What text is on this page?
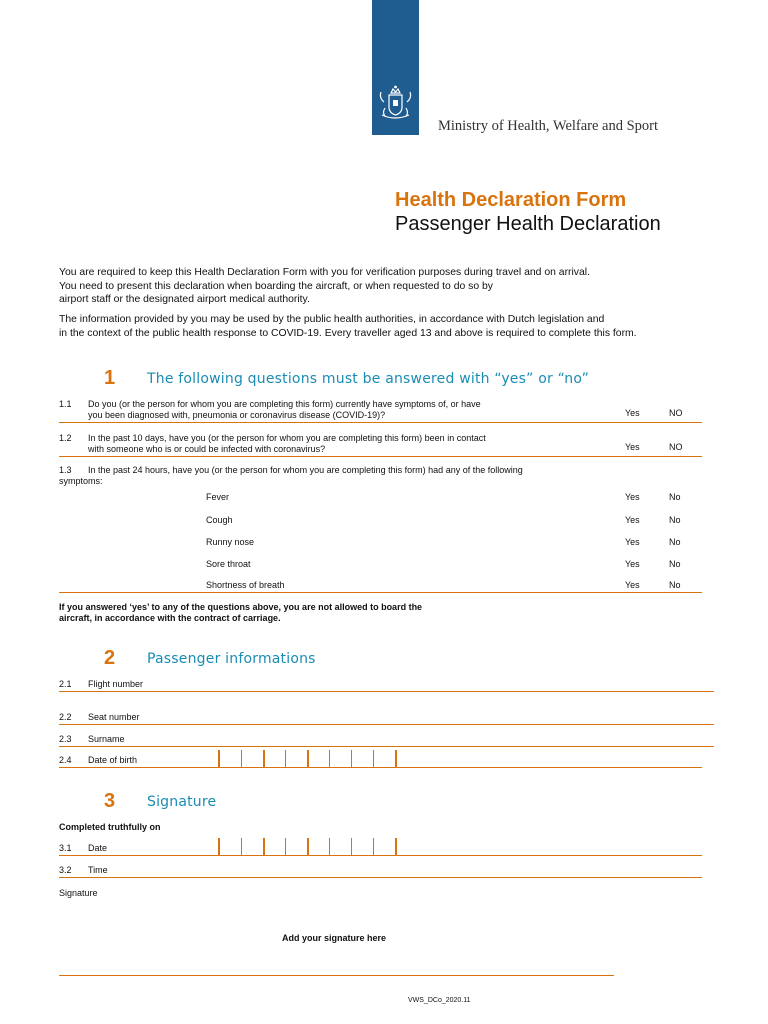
Ministry of Health, Welfare and Sport
Health Declaration Form
Passenger Health Declaration
You are required to keep this Health Declaration Form with you for verification purposes during travel and on arrival.
You need to present this declaration when boarding the aircraft, or when requested to do so by
airport staff or the designated airport medical authority.
The information provided by you may be used by the public health authorities, in accordance with Dutch legislation and
in the context of the public health response to COVID-19. Every traveller aged 13 and above is required to complete this form.
1 The following questions must be answered with “yes” or “no”
1.1 Do you (or the person for whom you are completing this form) currently have symptoms of, or have
you been diagnosed with, pneumonia or coronavirus disease (COVID-19)?	Yes	NO
1.2 In the past 10 days, have you (or the person for whom you are completing this form) been in contact
with someone who is or could be infected with coronavirus?	Yes	NO
1.3 In the past 24 hours, have you (or the person for whom you are completing this form) had any of the following
symptoms:
Fever	Yes	No
Cough	Yes	No
Runny nose	Yes	No
Sore throat	Yes	No
Shortness of breath	Yes	No
If you answered ‘yes’ to any of the questions above, you are not allowed to board the
aircraft, in accordance with the contract of carriage.
2 Passenger informations
2.1 Flight number
2.2 Seat number
2.3 Surname
2.4 Date of birth
3 Signature
Completed truthfully on
3.1 Date
3.2 Time
Signature
Add your signature here
VWS_DCo_2020.11
